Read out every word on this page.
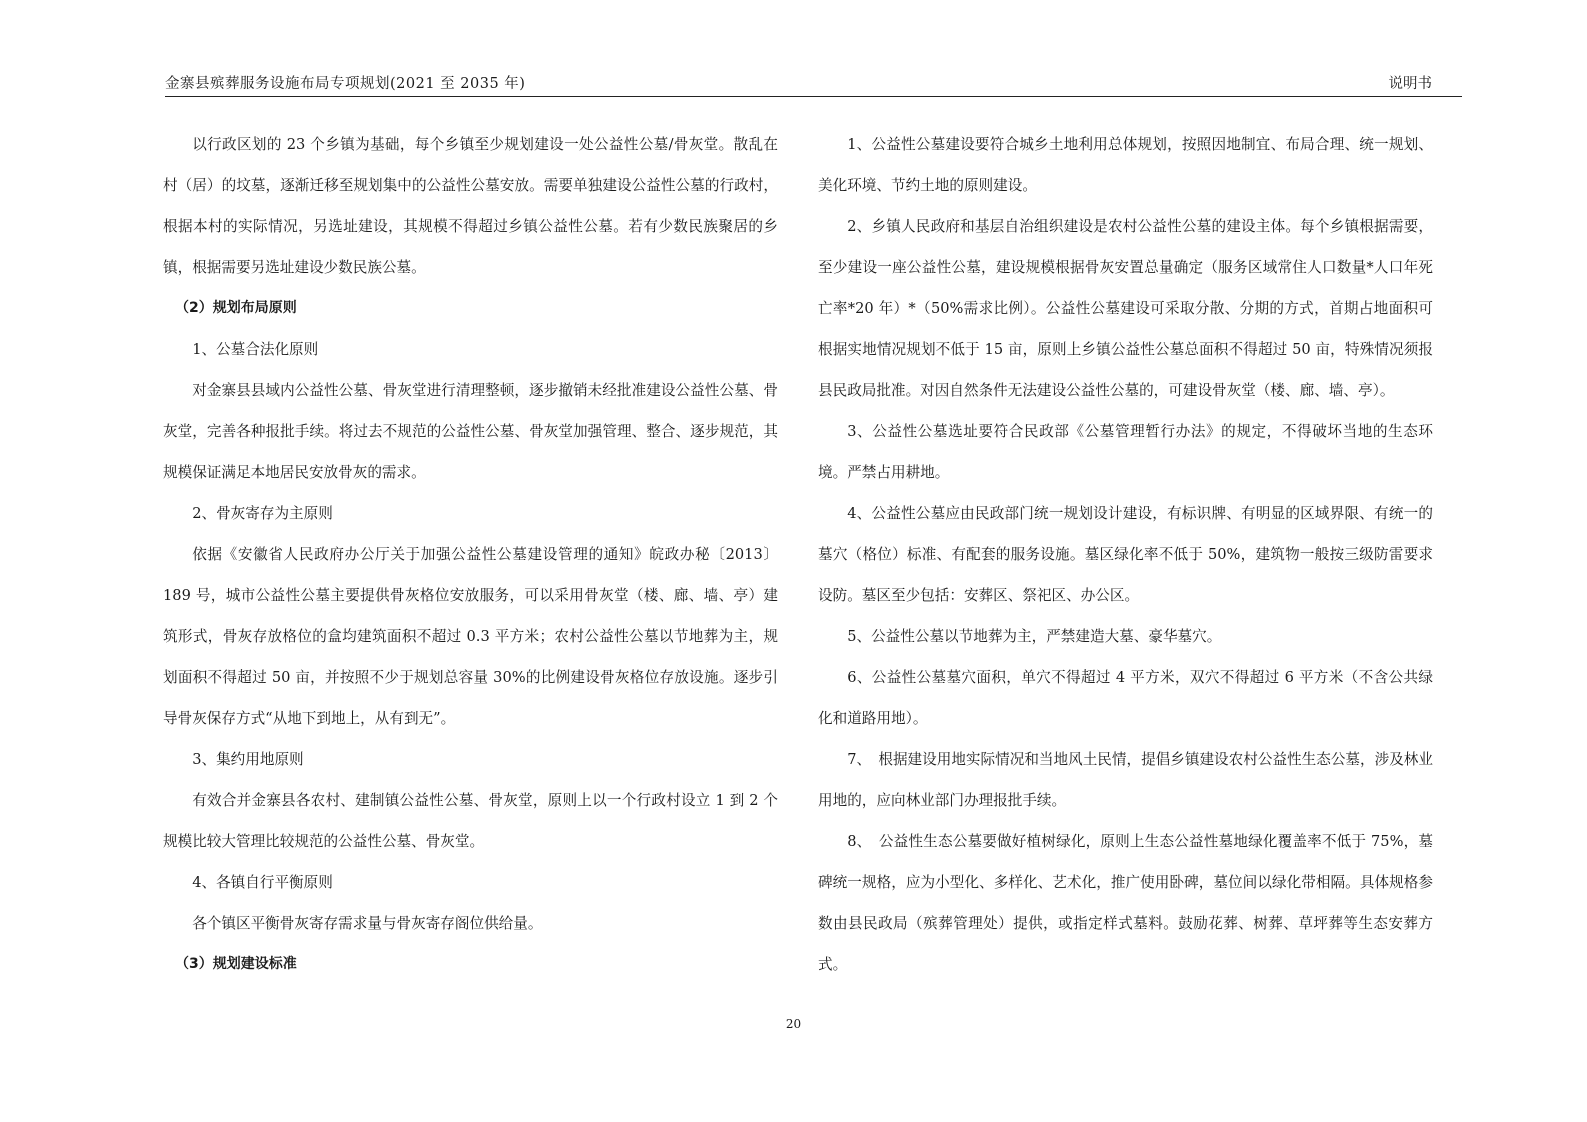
金寨县殡葬服务设施布局专项规划(2021 至 2035 年)	说明书

以行政区划的 23 个乡镇为基础，每个乡镇至少规划建设一处公益性公墓/骨灰堂。散乱在村（居）的坟墓，逐渐迁移至规划集中的公益性公墓安放。需要单独建设公益性公墓的行政村，根据本村的实际情况，另选址建设，其规模不得超过乡镇公益性公墓。若有少数民族聚居的乡镇，根据需要另选址建设少数民族公墓。

（2）规划布局原则

1、公墓合法化原则

对金寨县县域内公益性公墓、骨灰堂进行清理整顿，逐步撤销未经批准建设公益性公墓、骨灰堂，完善各种报批手续。将过去不规范的公益性公墓、骨灰堂加强管理、整合、逐步规范，其规模保证满足本地居民安放骨灰的需求。

2、骨灰寄存为主原则

依据《安徽省人民政府办公厅关于加强公益性公墓建设管理的通知》皖政办秘〔2013〕189 号，城市公益性公墓主要提供骨灰格位安放服务，可以采用骨灰堂（楼、廊、墙、亭）建筑形式，骨灰存放格位的盒均建筑面积不超过 0.3 平方米；农村公益性公墓以节地葬为主，规划面积不得超过 50 亩，并按照不少于规划总容量 30%的比例建设骨灰格位存放设施。逐步引导骨灰保存方式“从地下到地上，从有到无”。

3、集约用地原则

有效合并金寨县各农村、建制镇公益性公墓、骨灰堂，原则上以一个行政村设立 1 到 2 个规模比较大管理比较规范的公益性公墓、骨灰堂。

4、各镇自行平衡原则

各个镇区平衡骨灰寄存需求量与骨灰寄存阁位供给量。

（3）规划建设标准

1、公益性公墓建设要符合城乡土地利用总体规划，按照因地制宜、布局合理、统一规划、美化环境、节约土地的原则建设。

2、乡镇人民政府和基层自治组织建设是农村公益性公墓的建设主体。每个乡镇根据需要，至少建设一座公益性公墓，建设规模根据骨灰安置总量确定（服务区域常住人口数量*人口年死亡率*20 年）*（50%需求比例）。公益性公墓建设可采取分散、分期的方式，首期占地面积可根据实地情况规划不低于 15 亩，原则上乡镇公益性公墓总面积不得超过 50 亩，特殊情况须报县民政局批准。对因自然条件无法建设公益性公墓的，可建设骨灰堂（楼、廊、墙、亭）。

3、公益性公墓选址要符合民政部《公墓管理暂行办法》的规定，不得破坏当地的生态环境。严禁占用耕地。

4、公益性公墓应由民政部门统一规划设计建设，有标识牌、有明显的区域界限、有统一的墓穴（格位）标准、有配套的服务设施。墓区绿化率不低于 50%，建筑物一般按三级防雷要求设防。墓区至少包括：安葬区、祭祀区、办公区。

5、公益性公墓以节地葬为主，严禁建造大墓、豪华墓穴。

6、公益性公墓墓穴面积，单穴不得超过 4 平方米，双穴不得超过 6 平方米（不含公共绿化和道路用地）。

7、　根据建设用地实际情况和当地风土民情，提倡乡镇建设农村公益性生态公墓，涉及林业用地的，应向林业部门办理报批手续。

8、　公益性生态公墓要做好植树绿化，原则上生态公益性墓地绿化覆盖率不低于 75%，墓碑统一规格，应为小型化、多样化、艺术化，推广使用卧碑，墓位间以绿化带相隔。具体规格参数由县民政局（殡葬管理处）提供，或指定样式墓料。鼓励花葬、树葬、草坪葬等生态安葬方式。

20
